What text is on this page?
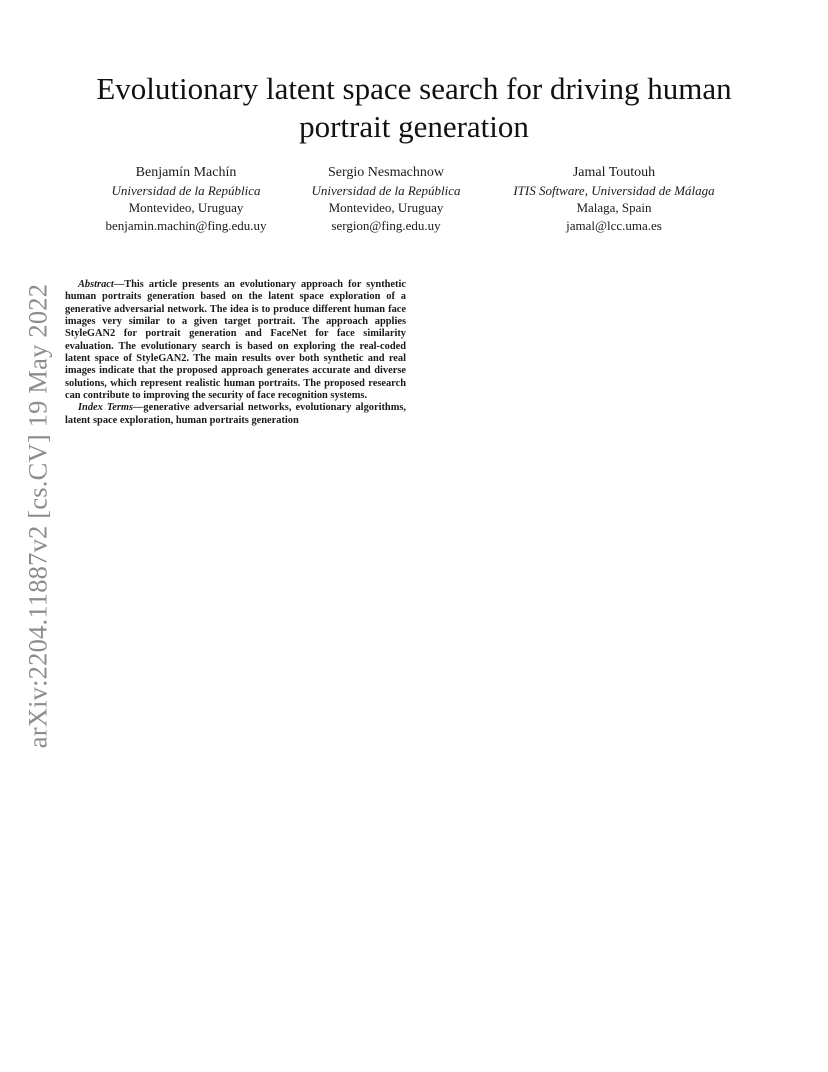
arXiv:2204.11887v2 [cs.CV] 19 May 2022
Evolutionary latent space search for driving human
portrait generation
Benjamín Machín
Universidad de la República
Montevideo, Uruguay
benjamin.machin@fing.edu.uy
Sergio Nesmachnow
Universidad de la República
Montevideo, Uruguay
sergion@fing.edu.uy
Jamal Toutouh
ITIS Software, Universidad de Málaga
Malaga, Spain
jamal@lcc.uma.es

Abstract—This article presents an evolutionary approach for synthetic human portraits generation based on the latent space exploration of a generative adversarial network. The idea is to produce different human face images very similar to a given target portrait. The approach applies StyleGAN2 for portrait generation and FaceNet for face similarity evaluation. The evolutionary search is based on exploring the real-coded latent space of StyleGAN2. The main results over both synthetic and real images indicate that the proposed approach generates accurate and diverse solutions, which represent realistic human portraits. The proposed research can contribute to improving the security of face recognition systems.

Index Terms—generative adversarial networks, evolutionary algorithms, latent space exploration, human portraits generation
